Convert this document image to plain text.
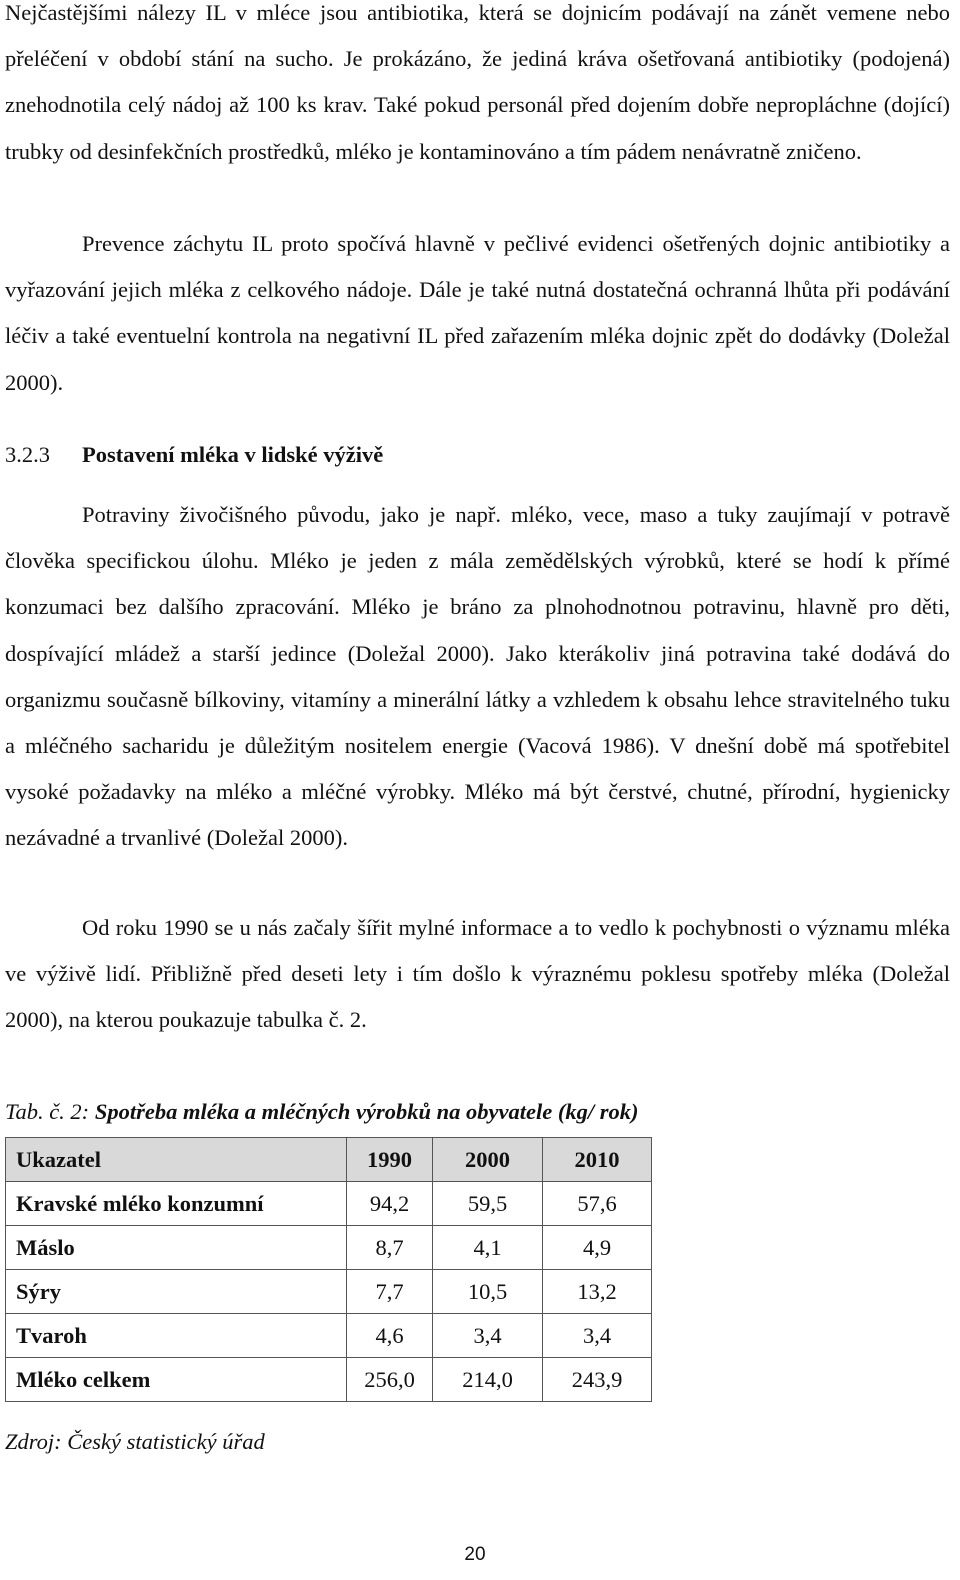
Nejčastějšími nálezy IL v mléce jsou antibiotika, která se dojnicím podávají na zánět vemene nebo přeléčení v období stání na sucho. Je prokázáno, že jediná kráva ošetřovaná antibiotiky (podojená) znehodnotila celý nádoj až 100 ks krav. Také pokud personál před dojením dobře nepropláchne (dojící) trubky od desinfekčních prostředků, mléko je kontaminováno a tím pádem nenávratně zničeno.

Prevence záchytu IL proto spočívá hlavně v pečlivé evidenci ošetřených dojnic antibiotiky a vyřazování jejich mléka z celkového nádoje. Dále je také nutná dostatečná ochranná lhůta při podávání léčiv a také eventuelní kontrola na negativní IL před zařazením mléka dojnic zpět do dodávky (Doležal 2000).

3.2.3 Postavení mléka v lidské výživě

Potraviny živočišného původu, jako je např. mléko, vece, maso a tuky zaujímají v potravě člověka specifickou úlohu. Mléko je jeden z mála zemědělských výrobků, které se hodí k přímé konzumaci bez dalšího zpracování. Mléko je bráno za plnohodnotnou potravinu, hlavně pro děti, dospívající mládež a starší jedince (Doležal 2000). Jako kterákoliv jiná potravina také dodává do organizmu současně bílkoviny, vitamíny a minerální látky a vzhledem k obsahu lehce stravitelného tuku a mléčného sacharidu je důležitým nositelem energie (Vacová 1986). V dnešní době má spotřebitel vysoké požadavky na mléko a mléčné výrobky. Mléko má být čerstvé, chutné, přírodní, hygienicky nezávadné a trvanlivé (Doležal 2000).

Od roku 1990 se u nás začaly šířit mylné informace a to vedlo k pochybnosti o významu mléka ve výživě lidí. Přibližně před deseti lety i tím došlo k výraznému poklesu spotřeby mléka (Doležal 2000), na kterou poukazuje tabulka č. 2.

Tab. č. 2: Spotřeba mléka a mléčných výrobků na obyvatele (kg/ rok)
Ukazatel	1990	2000	2010
Kravské mléko konzumní	94,2	59,5	57,6
Máslo	8,7	4,1	4,9
Sýry	7,7	10,5	13,2
Tvaroh	4,6	3,4	3,4
Mléko celkem	256,0	214,0	243,9
Zdroj: Český statistický úřad
20
